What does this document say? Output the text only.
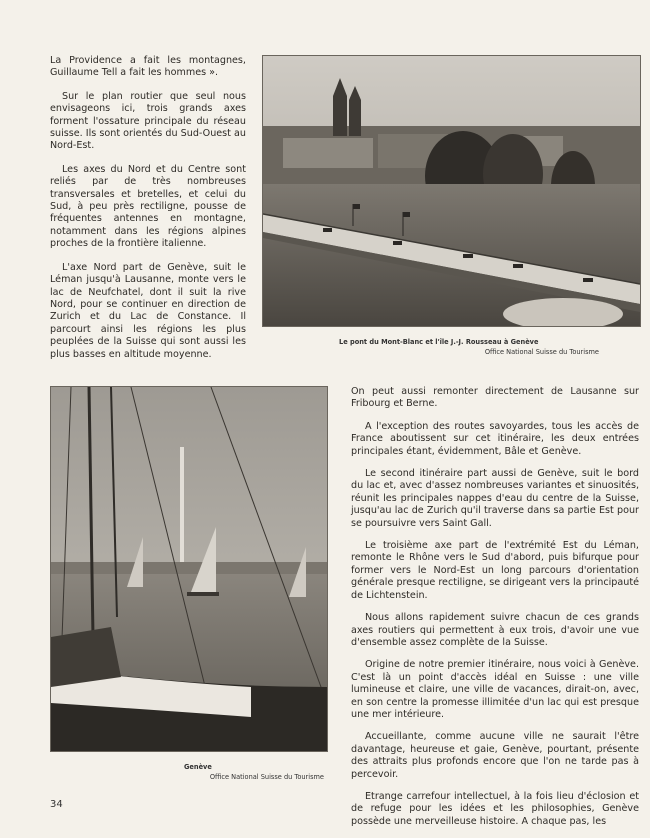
La Providence a fait les montagnes, Guillaume Tell a fait les hommes ».

Sur le plan routier que seul nous envisageons ici, trois grands axes forment l'ossature principale du réseau suisse. Ils sont orientés du Sud-Ouest au Nord-Est.

Les axes du Nord et du Centre sont reliés par de très nombreuses transversales et bretelles, et celui du Sud, à peu près rectiligne, pousse de fréquentes antennes en montagne, notamment dans les régions alpines proches de la frontière italienne.

L'axe Nord part de Genève, suit le Léman jusqu'à Lausanne, monte vers le lac de Neufchatel, dont il suit la rive Nord, pour se continuer en direction de Zurich et du Lac de Constance. Il parcourt ainsi les régions les plus peuplées de la Suisse qui sont aussi les plus basses en altitude moyenne.

Le pont du Mont-Blanc et l'île J.-J. Rousseau à Genève
Office National Suisse du Tourisme
Genève
Office National Suisse du Tourisme

On peut aussi remonter directement de Lausanne sur Fribourg et Berne.

A l'exception des routes savoyardes, tous les accès de France aboutissent sur cet itinéraire, les deux entrées principales étant, évidemment, Bâle et Genève.

Le second itinéraire part aussi de Genève, suit le bord du lac et, avec d'assez nombreuses variantes et sinuosités, réunit les principales nappes d'eau du centre de la Suisse, jusqu'au lac de Zurich qu'il traverse dans sa partie Est pour se poursuivre vers Saint Gall.

Le troisième axe part de l'extrémité Est du Léman, remonte le Rhône vers le Sud d'abord, puis bifurque pour former vers le Nord-Est un long parcours d'orientation générale presque rectiligne, se dirigeant vers la principauté de Lichtenstein.

Nous allons rapidement suivre chacun de ces grands axes routiers qui permettent à eux trois, d'avoir une vue d'ensemble assez complète de la Suisse.

Origine de notre premier itinéraire, nous voici à Genève. C'est là un point d'accès idéal en Suisse : une ville lumineuse et claire, une ville de vacances, dirait-on, avec, en son centre la promesse illimitée d'un lac qui est presque une mer intérieure.

Accueillante, comme aucune ville ne saurait l'être davantage, heureuse et gaie, Genève, pourtant, présente des attraits plus profonds encore que l'on ne tarde pas à percevoir.

Etrange carrefour intellectuel, à la fois lieu d'éclosion et de refuge pour les idées et les philosophies, Genève possède une merveilleuse histoire. A chaque pas, les

34
